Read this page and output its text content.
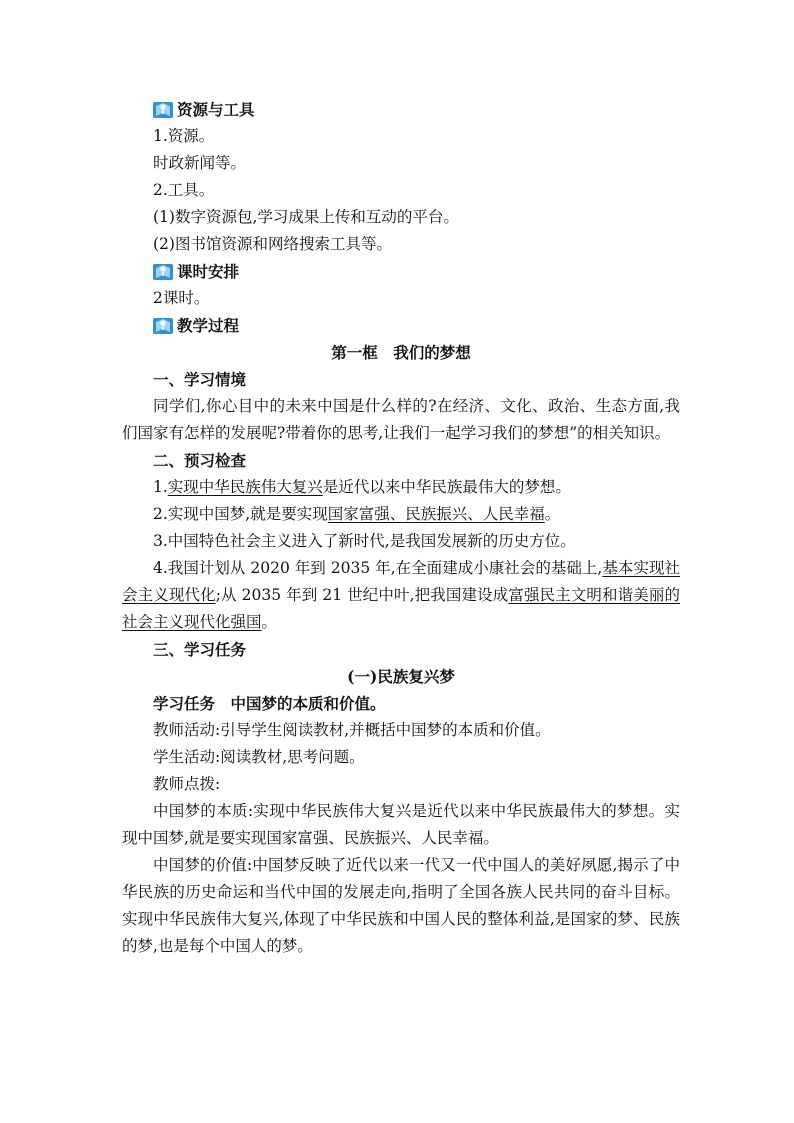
资源与工具

1.资源。

时政新闻等。

2.工具。

(1)数字资源包,学习成果上传和互动的平台。

(2)图书馆资源和网络搜索工具等。

课时安排

2课时。

教学过程

第一框　我们的梦想

一、学习情境

同学们,你心目中的未来中国是什么样的?在经济、文化、政治、生态方面,我们国家有怎样的发展呢?带着你的思考,让我们一起学习我们的梦想”的相关知识。

二、预习检查

1.实现中华民族伟大复兴是近代以来中华民族最伟大的梦想。

2.实现中国梦,就是要实现国家富强、民族振兴、人民幸福。

3.中国特色社会主义进入了新时代,是我国发展新的历史方位。

4.我国计划从 2020 年到 2035 年,在全面建成小康社会的基础上,基本实现社会主义现代化;从 2035 年到 21 世纪中叶,把我国建设成富强民主文明和谐美丽的社会主义现代化强国。

三、学习任务

(一)民族复兴梦

学习任务　中国梦的本质和价值。

教师活动:引导学生阅读教材,并概括中国梦的本质和价值。

学生活动:阅读教材,思考问题。

教师点拨:

中国梦的本质:实现中华民族伟大复兴是近代以来中华民族最伟大的梦想。实现中国梦,就是要实现国家富强、民族振兴、人民幸福。

中国梦的价值:中国梦反映了近代以来一代又一代中国人的美好夙愿,揭示了中华民族的历史命运和当代中国的发展走向,指明了全国各族人民共同的奋斗目标。实现中华民族伟大复兴,体现了中华民族和中国人民的整体利益,是国家的梦、民族的梦,也是每个中国人的梦。
